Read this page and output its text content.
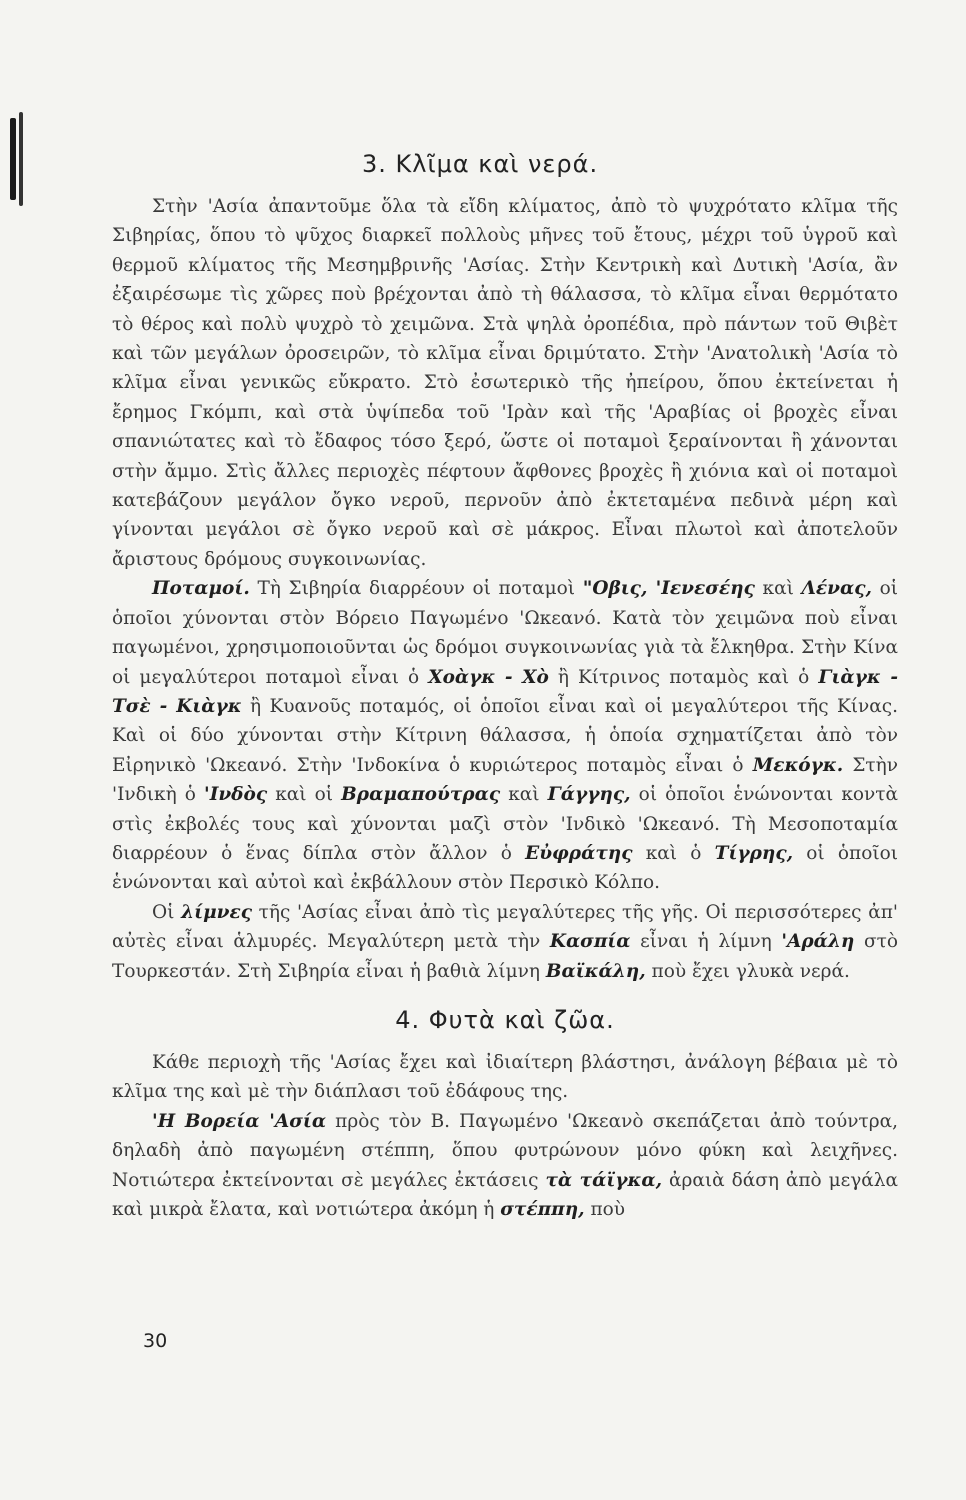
3. Κλῖμα καὶ νερά.

Στὴν 'Ασία ἀπαντοῦμε ὅλα τὰ εἴδη κλίματος, ἀπὸ τὸ ψυχρότατο κλῖμα τῆς Σιβηρίας, ὅπου τὸ ψῦχος διαρκεῖ πολλοὺς μῆνες τοῦ ἔτους, μέχρι τοῦ ὑγροῦ καὶ θερμοῦ κλίματος τῆς Μεσημβρινῆς 'Ασίας. Στὴν Κεντρικὴ καὶ Δυτικὴ 'Ασία, ἂν ἐξαιρέσωμε τὶς χῶρες ποὺ βρέχονται ἀπὸ τὴ θάλασσα, τὸ κλῖμα εἶναι θερμότατο τὸ θέρος καὶ πολὺ ψυχρὸ τὸ χειμῶνα. Στὰ ψηλὰ ὀροπέδια, πρὸ πάντων τοῦ Θιβὲτ καὶ τῶν μεγάλων ὀροσειρῶν, τὸ κλῖμα εἶναι δριμύτατο. Στὴν 'Ανατολικὴ 'Ασία τὸ κλῖμα εἶναι γενικῶς εὔκρατο. Στὸ ἐσωτερικὸ τῆς ἠπείρου, ὅπου ἐκτείνεται ἡ ἔρημος Γκόμπι, καὶ στὰ ὑψίπεδα τοῦ 'Ιρὰν καὶ τῆς 'Αραβίας οἱ βροχὲς εἶναι σπανιώτατες καὶ τὸ ἔδαφος τόσο ξερό, ὥστε οἱ ποταμοὶ ξεραίνονται ἢ χάνονται στὴν ἄμμο. Στὶς ἄλλες περιοχὲς πέφτουν ἄφθονες βροχὲς ἢ χιόνια καὶ οἱ ποταμοὶ κατεβάζουν μεγάλον ὄγκο νεροῦ, περνοῦν ἀπὸ ἐκτεταμένα πεδινὰ μέρη καὶ γίνονται μεγάλοι σὲ ὄγκο νεροῦ καὶ σὲ μάκρος. Εἶναι πλωτοὶ καὶ ἀποτελοῦν ἄριστους δρόμους συγκοινωνίας.

Ποταμοί. Τὴ Σιβηρία διαρρέουν οἱ ποταμοὶ "Οβις, 'Ιενεσέης καὶ Λένας, οἱ ὁποῖοι χύνονται στὸν Βόρειο Παγωμένο 'Ωκεανό. Κατὰ τὸν χειμῶνα ποὺ εἶναι παγωμένοι, χρησιμοποιοῦνται ὡς δρόμοι συγκοινωνίας γιὰ τὰ ἔλκηθρα. Στὴν Κίνα οἱ μεγαλύτεροι ποταμοὶ εἶναι ὁ Χοὰγκ - Χὸ ἢ Κίτρινος ποταμὸς καὶ ὁ Γιὰγκ - Τσὲ - Κιὰγκ ἢ Κυανοῦς ποταμός, οἱ ὁποῖοι εἶναι καὶ οἱ μεγαλύτεροι τῆς Κίνας. Καὶ οἱ δύο χύνονται στὴν Κίτρινη θάλασσα, ἡ ὁποία σχηματίζεται ἀπὸ τὸν Εἰρηνικὸ 'Ωκεανό. Στὴν 'Ινδοκίνα ὁ κυριώτερος ποταμὸς εἶναι ὁ Μεκόγκ. Στὴν 'Ινδικὴ ὁ 'Ινδὸς καὶ οἱ Βραμαπούτρας καὶ Γάγγης, οἱ ὁποῖοι ἑνώνονται κοντὰ στὶς ἐκβολές τους καὶ χύνονται μαζὶ στὸν 'Ινδικὸ 'Ωκεανό. Τὴ Μεσοποταμία διαρρέουν ὁ ἕνας δίπλα στὸν ἄλλον ὁ Εὐφράτης καὶ ὁ Τίγρης, οἱ ὁποῖοι ἑνώνονται καὶ αὐτοὶ καὶ ἐκβάλλουν στὸν Περσικὸ Κόλπο.

Οἱ λίμνες τῆς 'Ασίας εἶναι ἀπὸ τὶς μεγαλύτερες τῆς γῆς. Οἱ περισσότερες ἀπ' αὐτὲς εἶναι ἁλμυρές. Μεγαλύτερη μετὰ τὴν Κασπία εἶναι ἡ λίμνη 'Αράλη στὸ Τουρκεστάν. Στὴ Σιβηρία εἶναι ἡ βαθιὰ λίμνη Βαϊκάλη, ποὺ ἔχει γλυκὰ νερά.

4. Φυτὰ καὶ ζῶα.

Κάθε περιοχὴ τῆς 'Ασίας ἔχει καὶ ἰδιαίτερη βλάστησι, ἀνάλογη βέβαια μὲ τὸ κλῖμα της καὶ μὲ τὴν διάπλασι τοῦ ἐδάφους της.

'Η Βορεία 'Ασία πρὸς τὸν Β. Παγωμένο 'Ωκεανὸ σκεπάζεται ἀπὸ τούντρα, δηλαδὴ ἀπὸ παγωμένη στέππη, ὅπου φυτρώνουν μόνο φύκη καὶ λειχῆνες. Νοτιώτερα ἐκτείνονται σὲ μεγάλες ἐκτάσεις τὰ τάϊγκα, ἀραιὰ δάση ἀπὸ μεγάλα καὶ μικρὰ ἔλατα, καὶ νοτιώτερα ἀκόμη ἡ στέππη, ποὺ

30
